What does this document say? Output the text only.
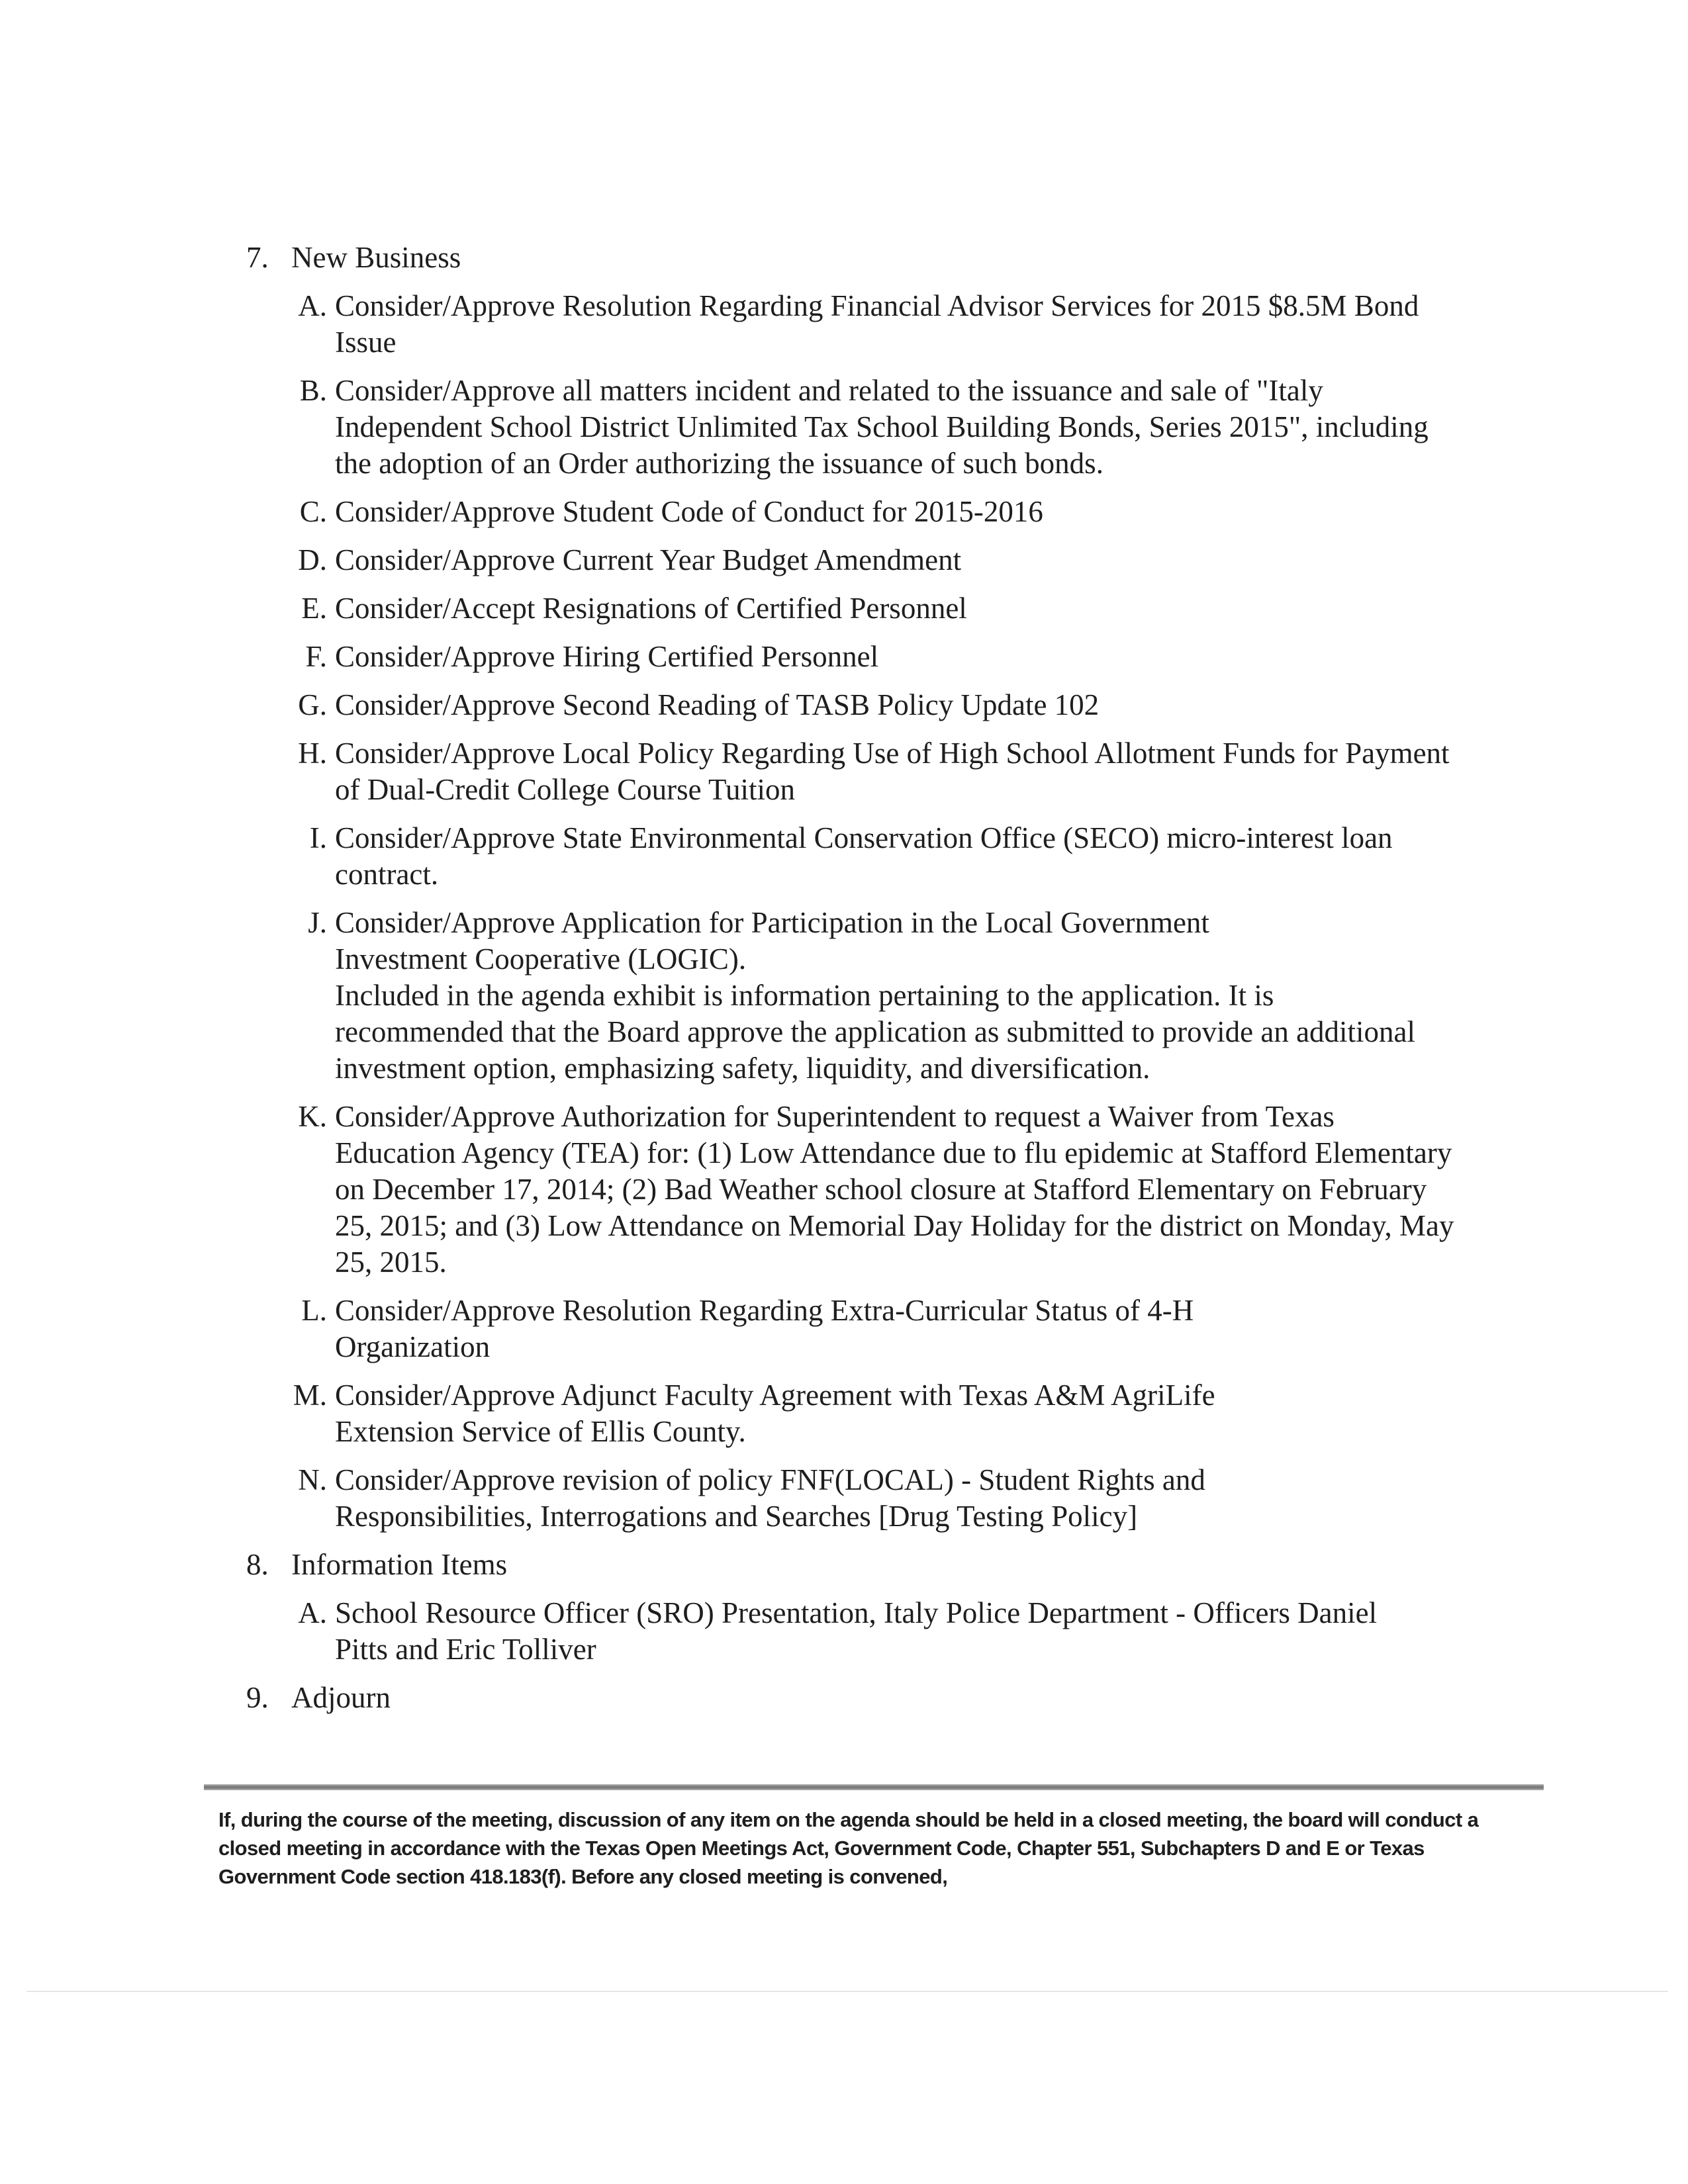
7. New Business
A. Consider/Approve Resolution Regarding Financial Advisor Services for 2015 $8.5M Bond Issue
B. Consider/Approve all matters incident and related to the issuance and sale of "Italy Independent School District Unlimited Tax School Building Bonds, Series 2015", including the adoption of an Order authorizing the issuance of such bonds.
C. Consider/Approve Student Code of Conduct for 2015-2016
D. Consider/Approve Current Year Budget Amendment
E. Consider/Accept Resignations of Certified Personnel
F. Consider/Approve Hiring Certified Personnel
G. Consider/Approve Second Reading of TASB Policy Update 102
H. Consider/Approve Local Policy Regarding Use of High School Allotment Funds for Payment of Dual-Credit College Course Tuition
I. Consider/Approve State Environmental Conservation Office (SECO) micro-interest loan contract.
J. Consider/Approve Application for Participation in the Local Government Investment Cooperative (LOGIC).
Included in the agenda exhibit is information pertaining to the application. It is recommended that the Board approve the application as submitted to provide an additional investment option, emphasizing safety, liquidity, and diversification.
K. Consider/Approve Authorization for Superintendent to request a Waiver from Texas Education Agency (TEA) for: (1) Low Attendance due to flu epidemic at Stafford Elementary on December 17, 2014; (2) Bad Weather school closure at Stafford Elementary on February 25, 2015; and (3) Low Attendance on Memorial Day Holiday for the district on Monday, May 25, 2015.
L. Consider/Approve Resolution Regarding Extra-Curricular Status of 4-H Organization
M. Consider/Approve Adjunct Faculty Agreement with Texas A&M AgriLife Extension Service of Ellis County.
N. Consider/Approve revision of policy FNF(LOCAL) - Student Rights and Responsibilities, Interrogations and Searches [Drug Testing Policy]
8. Information Items
A. School Resource Officer (SRO) Presentation, Italy Police Department - Officers Daniel Pitts and Eric Tolliver
9. Adjourn
If, during the course of the meeting, discussion of any item on the agenda should be held in a closed meeting, the board will conduct a closed meeting in accordance with the Texas Open Meetings Act, Government Code, Chapter 551, Subchapters D and E or Texas Government Code section 418.183(f). Before any closed meeting is convened,
